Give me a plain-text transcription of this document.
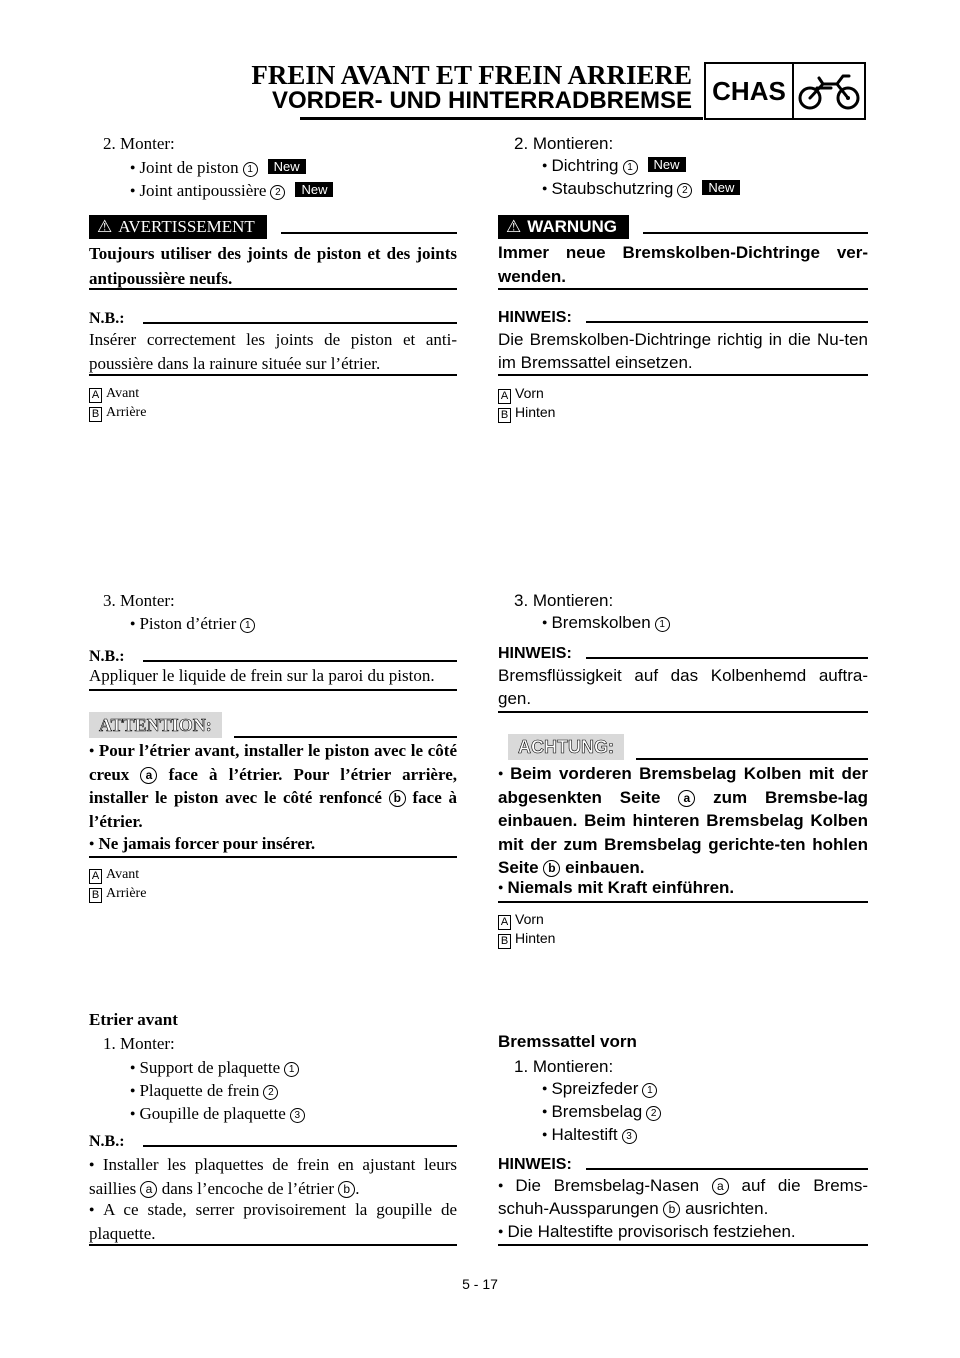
FREIN AVANT ET FREIN ARRIERE
VORDER- UND HINTERRADBREMSE CHAS
2. Monter:
● Joint de piston 1 New
● Joint antipoussière 2 New
⚠ AVERTISSEMENT
Toujours utiliser des joints de piston et des joints antipoussière neufs.
N.B.:
Insérer correctement les joints de piston et anti-poussière dans la rainure située sur l’étrier.
A Avant
B Arrière
3. Monter:
● Piston d’étrier 1
N.B.:
Appliquer le liquide de frein sur la paroi du piston.
ATTENTION:
● Pour l’étrier avant, installer le piston avec le côté creux a face à l’étrier. Pour l’étrier arrière, installer le piston avec le côté renfoncé b face à l’étrier.
● Ne jamais forcer pour insérer.
A Avant
B Arrière
Etrier avant
1. Monter:
● Support de plaquette 1
● Plaquette de frein 2
● Goupille de plaquette 3
N.B.:
● Installer les plaquettes de frein en ajustant leurs saillies a dans l’encoche de l’étrier b .
● A ce stade, serrer provisoirement la goupille de plaquette.
2. Montieren:
● Dichtring 1 New
● Staubschutzring 2 New
⚠ WARNUNG
Immer neue Bremskolben-Dichtringe ver-wenden.
HINWEIS:
Die Bremskolben-Dichtringe richtig in die Nu-ten im Bremssattel einsetzen.
A Vorn
B Hinten
3. Montieren:
● Bremskolben 1
HINWEIS:
Bremsflüssigkeit auf das Kolbenhemd auftra-gen.
ACHTUNG:
● Beim vorderen Bremsbelag Kolben mit der abgesenkten Seite a zum Bremsbe-lag einbauen. Beim hinteren Bremsbelag Kolben mit der zum Bremsbelag gerichte-ten hohlen Seite b einbauen.
● Niemals mit Kraft einführen.
A Vorn
B Hinten
Bremssattel vorn
1. Montieren:
● Spreizfeder 1
● Bremsbelag 2
● Haltestift 3
HINWEIS:
● Die Bremsbelag-Nasen a auf die Brems-schuh-Aussparungen b ausrichten.
● Die Haltestifte provisorisch festziehen.
5 - 17
